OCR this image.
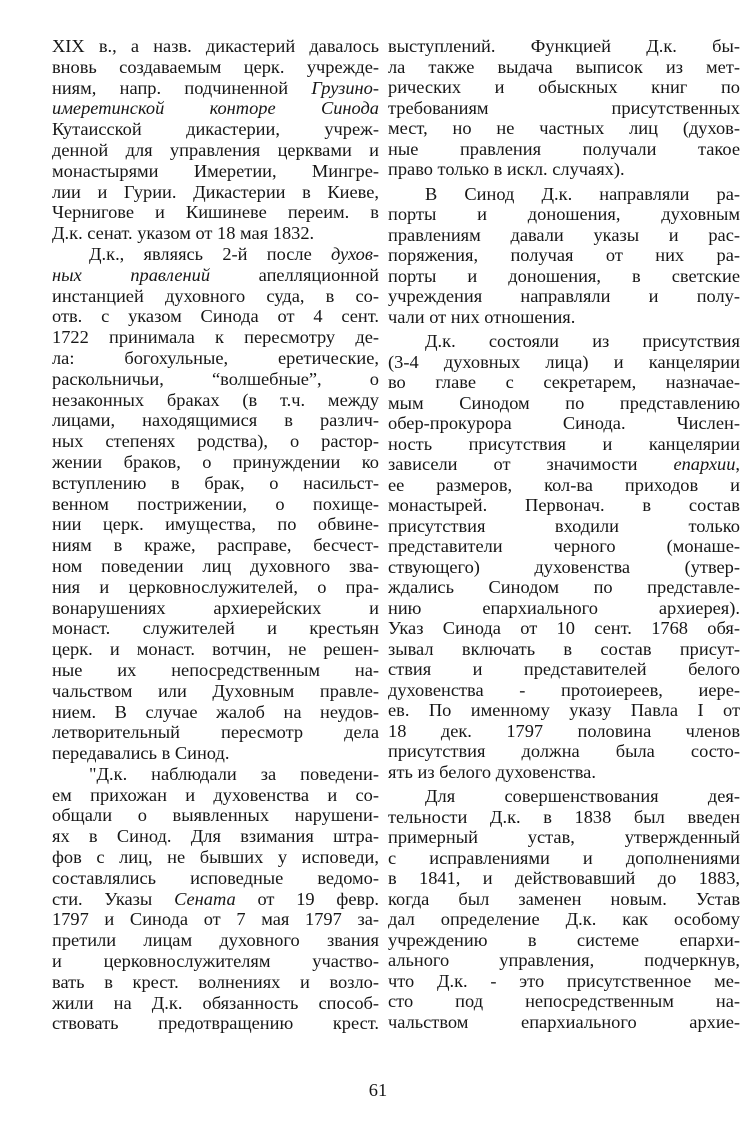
XIX в., а назв. дикастерий давалось
вновь создаваемым церк. учрежде-
ниям, напр. подчиненной Грузино-
имеретинской конторе Синода
Кутаисской дикастерии, учреж-
денной для управления церквами и
монастырями Имеретии, Мингре-
лии и Гурии. Дикастерии в Киеве,
Чернигове и Кишиневе переим. в
Д.к. сенат. указом от 18 мая 1832.
Д.к., являясь 2-й после духов-
ных правлений апелляционной
инстанцией духовного суда, в со-
отв. с указом Синода от 4 сент.
1722 принимала к пересмотру де-
ла: богохульные, еретические,
раскольничьи, “волшебные”, о
незаконных браках (в т.ч. между
лицами, находящимися в различ-
ных степенях родства), о растор-
жении браков, о принуждении ко
вступлению в брак, о насильст-
венном пострижении, о похище-
нии церк. имущества, по обвине-
ниям в краже, расправе, бесчест-
ном поведении лиц духовного зва-
ния и церковнослужителей, о пра-
вонарушениях архиерейских и
монаст. служителей и крестьян
церк. и монаст. вотчин, не решен-
ные их непосредственным на-
чальством или Духовным правле-
нием. В случае жалоб на неудов-
летворительный пересмотр дела
передавались в Синод.
"Д.к. наблюдали за поведени-
ем прихожан и духовенства и со-
общали о выявленных нарушени-
ях в Синод. Для взимания штра-
фов с лиц, не бывших у исповеди,
составлялись исповедные ведомо-
сти. Указы Сената от 19 февр.
1797 и Синода от 7 мая 1797 за-
претили лицам духовного звания
и церковнослужителям участво-
вать в крест. волнениях и возло-
жили на Д.к. обязанность способ-
ствовать предотвращению крест.
выступлений. Функцией Д.к. бы-
ла также выдача выписок из мет-
рических и обыскных книг по
требованиям присутственных
мест, но не частных лиц (духов-
ные правления получали такое
право только в искл. случаях).
В Синод Д.к. направляли ра-
порты и доношения, духовным
правлениям давали указы и рас-
поряжения, получая от них ра-
порты и доношения, в светские
учреждения направляли и полу-
чали от них отношения.
Д.к. состояли из присутствия
(3-4 духовных лица) и канцелярии
во главе с секретарем, назначае-
мым Синодом по представлению
обер-прокурора Синода. Числен-
ность присутствия и канцелярии
зависели от значимости епархии,
ее размеров, кол-ва приходов и
монастырей. Первонач. в состав
присутствия входили только
представители черного (монаше-
ствующего) духовенства (утвер-
ждались Синодом по представле-
нию епархиального архиерея).
Указ Синода от 10 сент. 1768 обя-
зывал включать в состав присут-
ствия и представителей белого
духовенства - протоиереев, иере-
ев. По именному указу Павла I от
18 дек. 1797 половина членов
присутствия должна была состо-
ять из белого духовенства.
Для совершенствования дея-
тельности Д.к. в 1838 был введен
примерный устав, утвержденный
с исправлениями и дополнениями
в 1841, и действовавший до 1883,
когда был заменен новым. Устав
дал определение Д.к. как особому
учреждению в системе епархи-
ального управления, подчеркнув,
что Д.к. - это присутственное ме-
сто под непосредственным на-
чальством епархиального архие-
61
